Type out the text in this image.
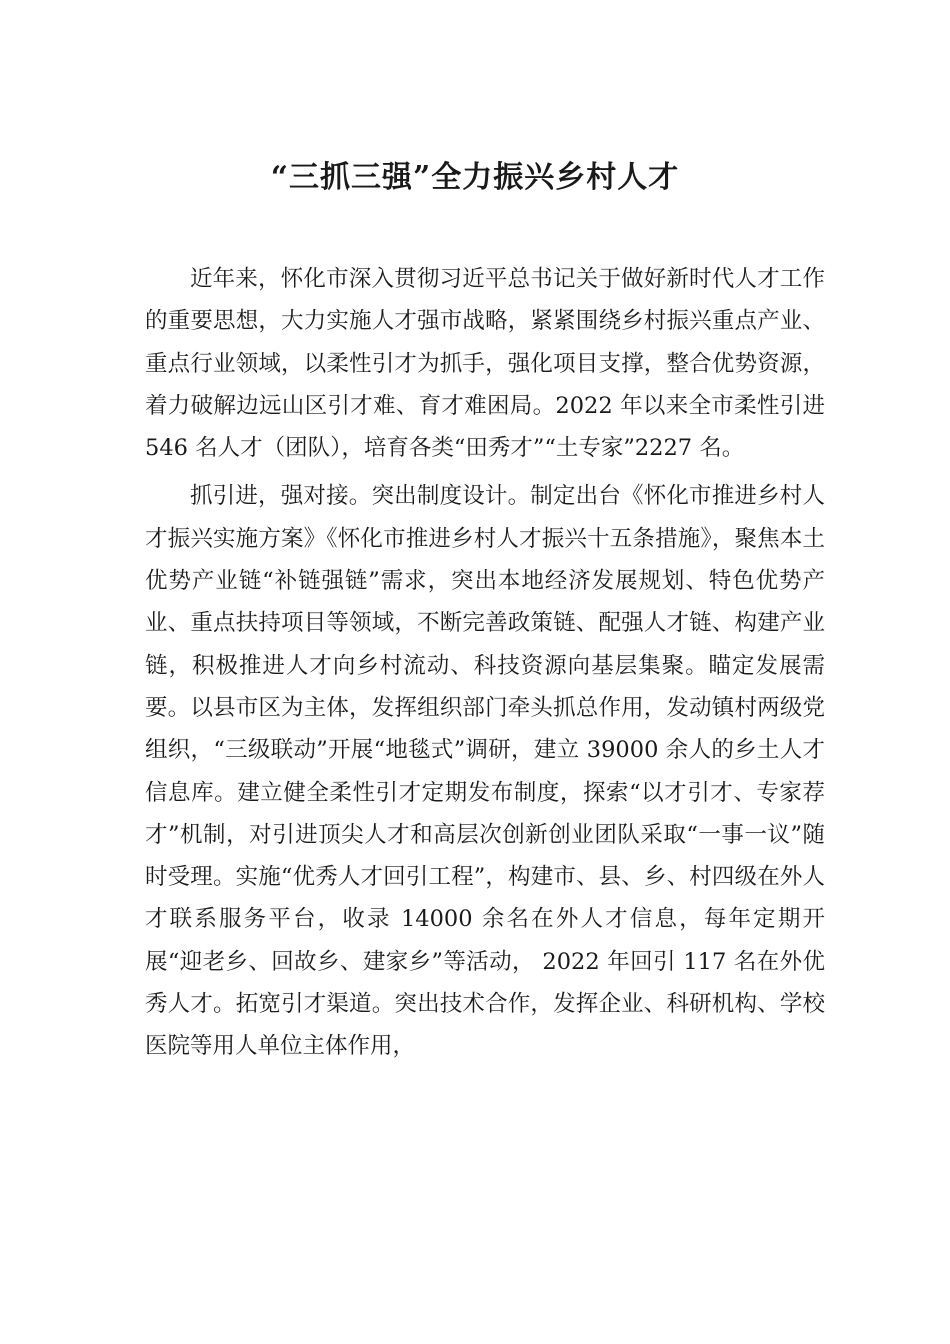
“三抓三强”全力振兴乡村人才

近年来，怀化市深入贯彻习近平总书记关于做好新时代人才工作的重要思想，大力实施人才强市战略，紧紧围绕乡村振兴重点产业、重点行业领域，以柔性引才为抓手，强化项目支撑，整合优势资源，着力破解边远山区引才难、育才难困局。2022 年以来全市柔性引进 546 名人才（团队），培育各类“田秀才”“土专家”2227 名。

抓引进，强对接。突出制度设计。制定出台《怀化市推进乡村人才振兴实施方案》《怀化市推进乡村人才振兴十五条措施》，聚焦本土优势产业链“补链强链”需求，突出本地经济发展规划、特色优势产业、重点扶持项目等领域，不断完善政策链、配强人才链、构建产业链，积极推进人才向乡村流动、科技资源向基层集聚。瞄定发展需要。以县市区为主体，发挥组织部门牵头抓总作用，发动镇村两级党组织，“三级联动”开展“地毯式”调研，建立 39000 余人的乡土人才信息库。建立健全柔性引才定期发布制度，探索“以才引才、专家荐才”机制，对引进顶尖人才和高层次创新创业团队采取“一事一议”随时受理。实施“优秀人才回引工程”，构建市、县、乡、村四级在外人才联系服务平台，收录 14000 余名在外人才信息，每年定期开展“迎老乡、回故乡、建家乡”等活动， 2022 年回引 117 名在外优秀人才。拓宽引才渠道。突出技术合作，发挥企业、科研机构、学校医院等用人单位主体作用，
